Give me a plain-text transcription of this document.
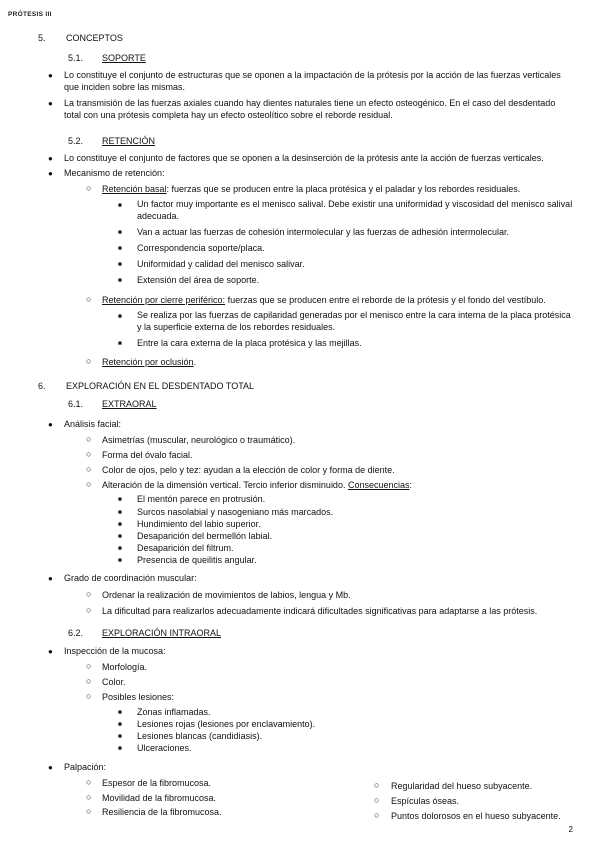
PRÓTESIS III
5. CONCEPTOS
5.1. SOPORTE
● Lo constituye el conjunto de estructuras que se oponen a la impactación de la prótesis por la acción de las fuerzas verticales que inciden sobre las mismas.
● La transmisión de las fuerzas axiales cuando hay dientes naturales tiene un efecto osteogénico. En el caso del desdentado total con una prótesis completa hay un efecto osteolítico sobre el reborde residual.
5.2. RETENCIÓN
● Lo constituye el conjunto de factores que se oponen a la desinserción de la prótesis ante la acción de fuerzas verticales.
● Mecanismo de retención:
○ Retención basal: fuerzas que se producen entre la placa protésica y el paladar y los rebordes residuales.
■ Un factor muy importante es el menisco salival. Debe existir una uniformidad y viscosidad del menisco salival adecuada.
■ Van a actuar las fuerzas de cohesión intermolecular y las fuerzas de adhesión intermolecular.
■ Correspondencia soporte/placa.
■ Uniformidad y calidad del menisco salivar.
■ Extensión del área de soporte.
○ Retención por cierre periférico: fuerzas que se producen entre el reborde de la prótesis y el fondo del vestíbulo.
■ Se realiza por las fuerzas de capilaridad generadas por el menisco entre la cara interna de la placa protésica y la superficie externa de los rebordes residuales.
■ Entre la cara externa de la placa protésica y las mejillas.
○ Retención por oclusión.
6. EXPLORACIÓN EN EL DESDENTADO TOTAL
6.1. EXTRAORAL
● Análisis facial:
○ Asimetrías (muscular, neurológico o traumático).
○ Forma del óvalo facial.
○ Color de ojos, pelo y tez: ayudan a la elección de color y forma de diente.
○ Alteración de la dimensión vertical. Tercio inferior disminuido. Consecuencias:
■ El mentón parece en protrusión.
■ Surcos nasolabial y nasogeniano más marcados.
■ Hundimiento del labio superior.
■ Desaparición del bermellón labial.
■ Desaparición del filtrum.
■ Presencia de queilitis angular.
● Grado de coordinación muscular:
○ Ordenar la realización de movimientos de labios, lengua y Mb.
○ La dificultad para realizarlos adecuadamente indicará dificultades significativas para adaptarse a las prótesis.
6.2. EXPLORACIÓN INTRAORAL
● Inspección de la mucosa:
○ Morfología.
○ Color.
○ Posibles lesiones:
■ Zonas inflamadas.
■ Lesiones rojas (lesiones por enclavamiento).
■ Lesiones blancas (candidiasis).
■ Ulceraciones.
● Palpación:
○ Espesor de la fibromucosa.
○ Movilidad de la fibromucosa.
○ Resiliencia de la fibromucosa.
○ Regularidad del hueso subyacente.
○ Espículas óseas.
○ Puntos dolorosos en el hueso subyacente.
2
